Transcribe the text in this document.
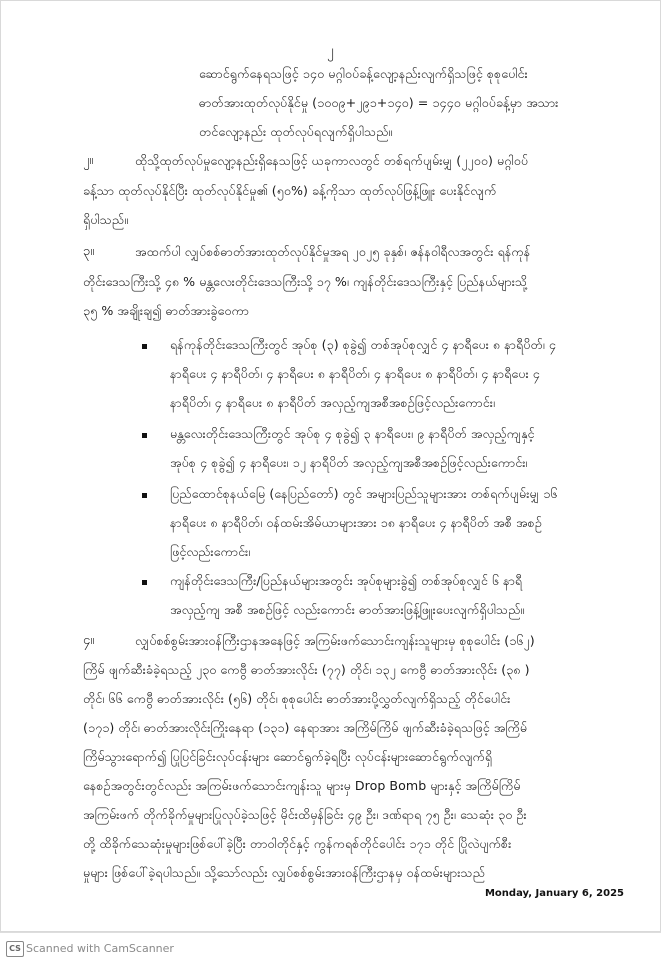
၂
ဆောင်ရွက်နေရသဖြင့် ၁၄၀ မဂ္ဂါဝပ်ခန့်လျော့နည်းလျက်ရှိသဖြင့် စုစုပေါင်း
ဓာတ်အားထုတ်လုပ်နိုင်မှု (၁၀၀၉+၂၉၁+၁၄၀) = ၁၄၄၀ မဂ္ဂါဝပ်ခန့်မှာ အသား
တင်လျော့နည်း ထုတ်လုပ်ရလျက်ရှိပါသည်။
၂။	ထိုသို့ထုတ်လုပ်မှုလျော့နည်းရှိနေသဖြင့် ယခုကာလတွင် တစ်ရက်ပျမ်းမျှ (၂၂၀၀) မဂ္ဂါဝပ်
ခန့်သာ ထုတ်လုပ်နိုင်ပြီး ထုတ်လုပ်နိုင်မှု၏ (၅၀%) ခန့်ကိုသာ ထုတ်လုပ်ဖြန့်ဖြူး ပေးနိုင်လျက်
ရှိပါသည်။
၃။	အထက်ပါ လျှပ်စစ်ဓာတ်အားထုတ်လုပ်နိုင်မှုအရ ၂၀၂၅ ခုနှစ်၊ ဇန်နဝါရီလအတွင်း ရန်ကုန်
တိုင်းဒေသကြီးသို့ ၄၈ % မန္တလေးတိုင်းဒေသကြီးသို့ ၁၇ %၊ ကျန်တိုင်းဒေသကြီးနှင့် ပြည်နယ်များသို့
၃၅ % အချိုးချ၍ ဓာတ်အားခွဲဝေကာ
ရန်ကုန်တိုင်းဒေသကြီးတွင် အုပ်စု (၃) စုခွဲ၍ တစ်အုပ်စုလျှင် ၄ နာရီပေး ၈ နာရီပိတ်၊ ၄
နာရီပေး ၄ နာရီပိတ်၊ ၄ နာရီပေး ၈ နာရီပိတ်၊ ၄ နာရီပေး ၈ နာရီပိတ်၊ ၄ နာရီပေး ၄
နာရီပိတ်၊ ၄ နာရီပေး ၈ နာရီပိတ် အလှည့်ကျအစီအစဉ်ဖြင့်လည်းကောင်း၊
မန္တလေးတိုင်းဒေသကြီးတွင် အုပ်စု ၄ စုခွဲ၍ ၃ နာရီပေး၊ ၉ နာရီပိတ် အလှည့်ကျနှင့်
အုပ်စု ၄ စုခွဲ၍ ၄ နာရီပေး၊ ၁၂ နာရီပိတ် အလှည့်ကျအစီအစဉ်ဖြင့်လည်းကောင်း၊
ပြည်ထောင်စုနယ်မြေ (နေပြည်တော်) တွင် အများပြည်သူများအား တစ်ရက်ပျမ်းမျှ ၁၆
နာရီပေး ၈ နာရီပိတ်၊ ဝန်ထမ်းအိမ်ယာများအား ၁၈ နာရီပေး ၄ နာရီပိတ် အစီ အစဉ်
ဖြင့်လည်းကောင်း၊
ကျန်တိုင်းဒေသကြီး/ပြည်နယ်များအတွင်း အုပ်စုများခွဲ၍ တစ်အုပ်စုလျှင် ၆ နာရီ
အလှည့်ကျ အစီ အစဉ်ဖြင့် လည်းကောင်း ဓာတ်အားဖြန့်ဖြူးပေးလျက်ရှိပါသည်။
၄။	လျှပ်စစ်စွမ်းအားဝန်ကြီးဌာနအနေဖြင့် အကြမ်းဖက်သောင်းကျန်းသူများမှ စုစုပေါင်း (၁၆၂)
ကြိမ် ဖျက်ဆီးခံခဲ့ရသည့် ၂၃၀ ကေဗွီ ဓာတ်အားလိုင်း (၇၇) တိုင်၊ ၁၃၂ ကေဗွီ ဓာတ်အားလိုင်း (၃၈ )
တိုင်၊ ၆၆ ကေဗွီ ဓာတ်အားလိုင်း (၅၆) တိုင်၊ စုစုပေါင်း ဓာတ်အားပို့လွှတ်လျက်ရှိသည့် တိုင်ပေါင်း
(၁၇၁) တိုင်၊ ဓာတ်အားလိုင်းကြိုးနေရာ (၁၃၁) နေရာအား အကြိမ်ကြိမ် ဖျက်ဆီးခံခဲ့ရသဖြင့် အကြိမ်
ကြိမ်သွားရောက်၍ ပြုပြင်ခြင်းလုပ်ငန်းများ ဆောင်ရွက်ခဲ့ရပြီး လုပ်ငန်းများဆောင်ရွက်လျက်ရှိ
နေစဉ်အတွင်းတွင်လည်း အကြမ်းဖက်သောင်းကျန်းသူ များမှ Drop Bomb များနှင့် အကြိမ်ကြိမ်
အကြမ်းဖက် တိုက်ခိုက်မှုများပြုလုပ်ခဲ့သဖြင့် မိုင်းထိမှန်ခြင်း ၄၉ ဦး၊ ဒဏ်ရာရ ၇၅ ဦး၊ သေဆုံး ၃၀ ဦး
တို့ ထိခိုက်သေဆုံးမှုများဖြစ်ပေါ်ခဲ့ပြီး တာဝါတိုင်နှင့် ကွန်ကရစ်တိုင်ပေါင်း ၁၇၁ တိုင် ပြိုလဲပျက်စီး
မှုများ ဖြစ်ပေါ်ခဲ့ရပါသည်။ သို့သော်လည်း လျှပ်စစ်စွမ်းအားဝန်ကြီးဌာနမှ ဝန်ထမ်းများသည်
Monday, January 6, 2025
CS Scanned with CamScanner
